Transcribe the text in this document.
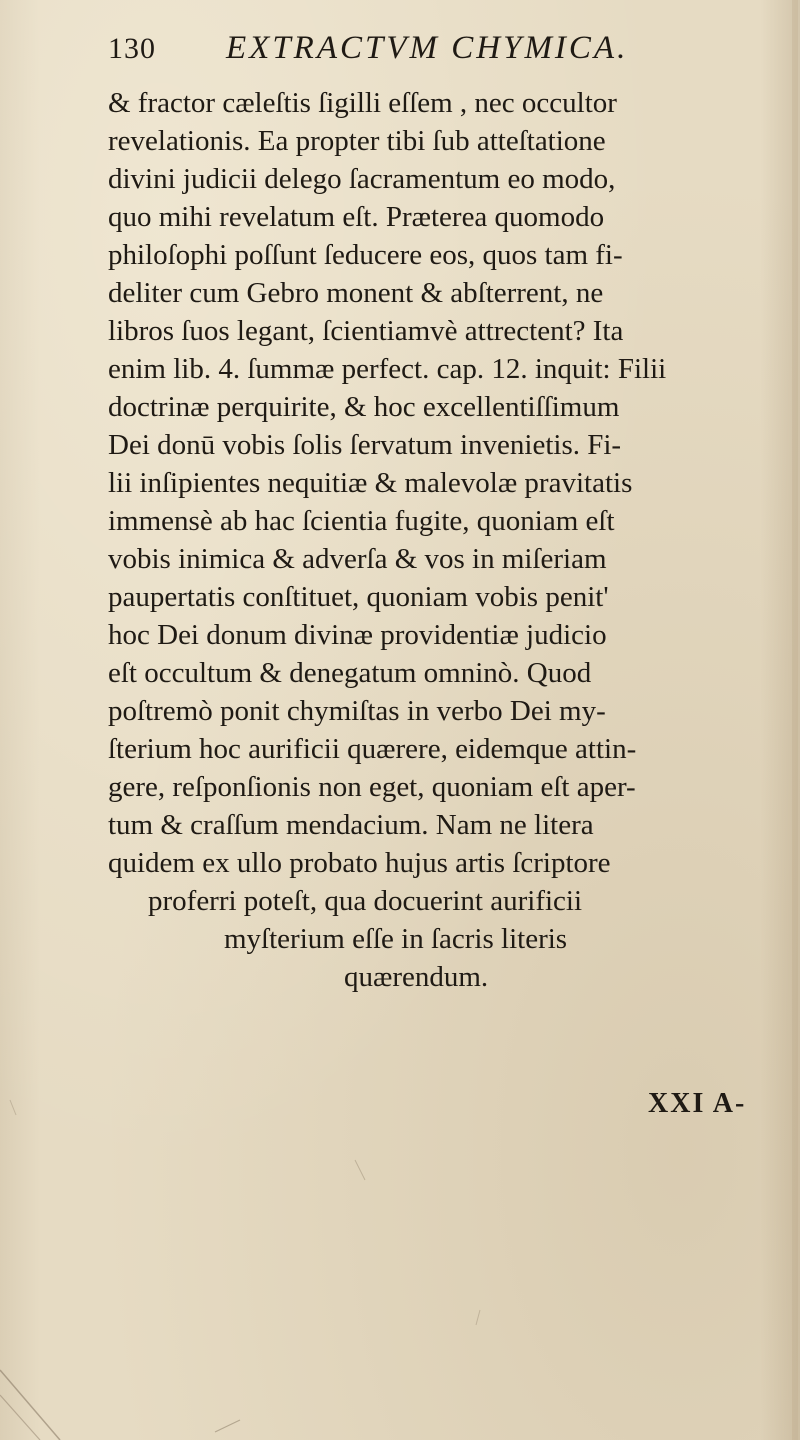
130 EXTRACTVM CHYMICA.
& fractor cæleſtis ſigilli eſſem , nec occultor
revelationis. Ea propter tibi ſub atteſtatione
divini judicii delego ſacramentum eo modo,
quo mihi revelatum eſt. Præterea quomodo
philoſophi poſſunt ſeducere eos, quos tam fi-
deliter cum Gebro monent & abſterrent, ne
libros ſuos legant, ſcientiamvè attrectent? Ita
enim lib. 4. ſummæ perfect. cap. 12. inquit: Filii
doctrinæ perquirite, & hoc excellentiſſimum
Dei donū vobis ſolis ſervatum invenietis. Fi-
lii inſipientes nequitiæ & malevolæ pravitatis
immensè ab hac ſcientia fugite, quoniam eſt
vobis inimica & adverſa & vos in miſeriam
paupertatis conſtituet, quoniam vobis penit'
hoc Dei donum divinæ providentiæ judicio
eſt occultum & denegatum omninò. Quod
poſtremò ponit chymiſtas in verbo Dei my-
ſterium hoc aurificii quærere, eidemque attin-
gere, reſponſionis non eget, quoniam eſt aper-
tum & craſſum mendacium. Nam ne litera
quidem ex ullo probato hujus artis ſcriptore
proferri poteſt, qua docuerint aurificii
myſterium eſſe in ſacris literis
quærendum.
XXI A-
